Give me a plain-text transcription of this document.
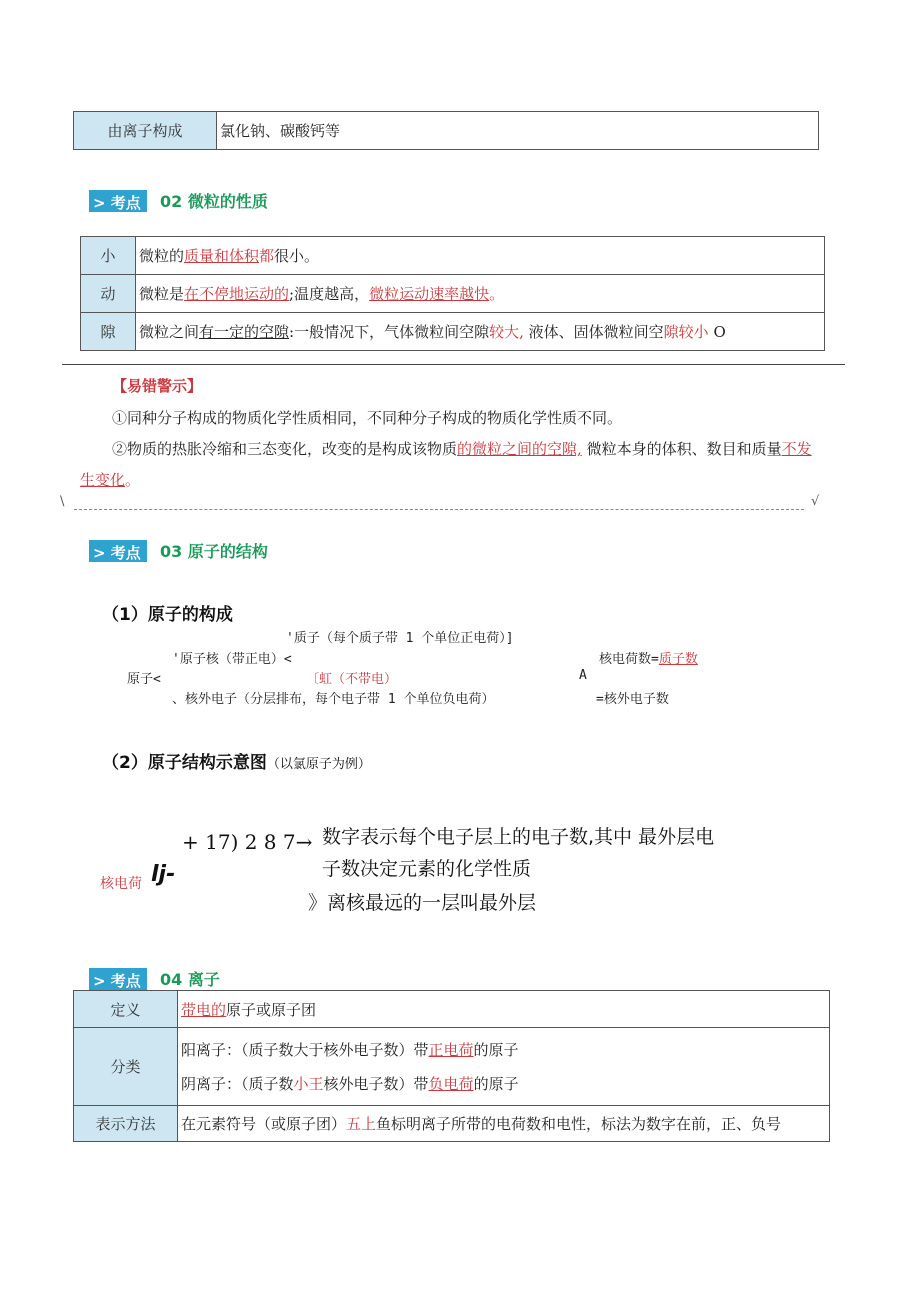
由离子构成	氯化钠、碳酸钙等
> 考点	02 微粒的性质
小	微粒的质量和体积都很小。
动	微粒是在不停地运动的;温度越高，微粒运动速率越快。
隙	微粒之间有一定的空隙:一般情况下，气体微粒间空隙较大, 液体、固体微粒间空隙较小 O
【易错警示】
①同种分子构成的物质化学性质相同，不同种分子构成的物质化学性质不同。
②物质的热胀冷缩和三态变化，改变的是构成该物质的微粒之间的空隙, 微粒本身的体积、数目和质量不发
生变化。
\	√
> 考点	03 原子的结构
（1）原子的构成
'质子（每个质子带 1 个单位正电荷）]
'原子核（带正电）<
原子<	〔虹（不带电）
、核外电子（分层排布，每个电子带 1 个单位负电荷）
核电荷数=质子数
A
=核外电子数
（2）原子结构示意图（以氯原子为例）
+ 17) 2 8 7→
核电荷 lj-
数字表示每个电子层上的电子数,其中 最外层电
子数决定元素的化学性质
》离核最远的一层叫最外层
> 考点	04 离子
定义	带电的原子或原子团
分类	阳离子：（质子数大于核外电子数）带正电荷的原子
阴离子：（质子数小王核外电子数）带负电荷的原子

表示方法	在元素符号（或原子团）五上鱼标明离子所带的电荷数和电性，标法为数字在前，正、负号
